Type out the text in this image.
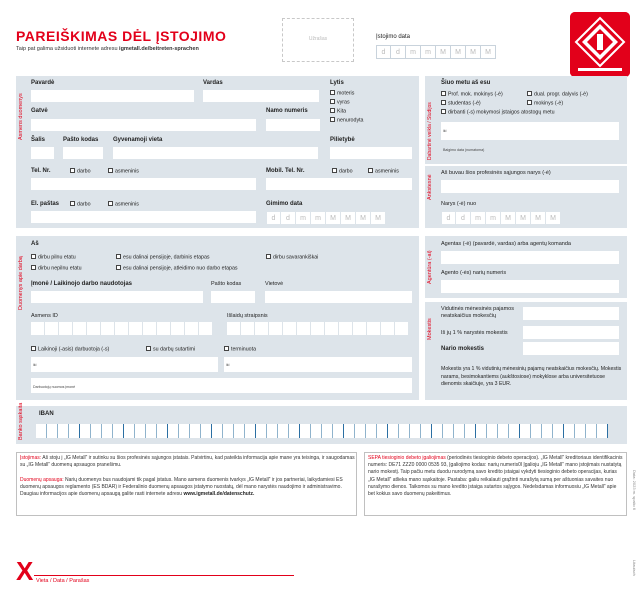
PAREIŠKIMAS DĖL ĮSTOJIMO
Taip pat galima užsiduoti internete adresu igmetall.de/beitreten-sprachen
Užrašas	Įstojimo data
d	d	m	m	M	M	M	M
Asmens duomenys
Pavardė	Vardas	Lytis
moteris
vyras
Kita
nenurodyta
Gatvė	Namo numeris
Šalis	Pašto kodas Gyvenamoji vieta	Pilietybė
Tel. Nr.	darbo	asmeninis	Mobil. Tel. Nr.	darbo	asmeninis
El. paštas	darbo	asmeninis	Gimimo data
d	d	m	m	M	M	M	M
Dabartinė veikla / Studijos
Šiuo metu aš esu
Prof. mok. mokinys (-ė)	dual. progr. dalyvis (-ė)
studentas (-ė)	mokinys (-ė)
dirbanti (-s) mokymosi įstaigos atostogų metu
iki
Baigimo data (numatoma)
Ankstesnė
Aš buvau šios profesinės sąjungos narys (-ė)
Narys (-ė) nuo
d	d	m	m	M	M	M	M
Duomenys apie darbą
Aš
dirbu pilnu etatu	esu dalinai pensijoje, darbinis etapas	dirbu savarankiškai
dirbu nepilnu etatu	esu dalinai pensijoje, atleidimo nuo darbo etapas
Įmonė / Laikinojo darbo naudotojas	Pašto kodas	Vietovė
Asmens ID	Išlaidų straipsnis
Laikinoji (-asis) darbuotoja (-s)	su darbų sutartimi	terminuota
iki	iki
Darbuotojų nuomos įmonė
Agentūra (-ai)
Agentas (-ė) (pavardė, vardas) arba agentų komanda
Agento (-ės) narių numeris
Mokestis
Vidutinės mėnesinės pajamos neatskaičius mokesčių
Iš jų 1 % narystės mokestis
Nario mokestis
Mokestis yra 1 % vidutinių mėnesinių pajamų neatskaičius mokesčių. Mokestis narams, besimokantiems (aukštosiose) mokyklose arba universitetuose dienomis skaičiuje, yra 3 EUR.
Banko sąskaita	IBAN
Įstojimas: Aš stoju į „IG Metall“ ir sutinku su šios profesinės sąjungos įstatais. Patvirtinu, kad pateikta informacija apie mane yra teisinga, ir saugodamas su „IG Metall“ duomenų apsaugos pranešimu.
Duomenų apsauga: Narių duomenys bus naudojami tik pagal įstatus. Mano asmens duomenis tvarkys „IG Metall“ ir jos partneriai, laikydamiesi ES duomenų apsaugos reglamento (ES BDAR) ir Federalinio duomenų apsaugos įstatymo nuostatų, dėl mano narystės naudojimo ir administravimo. Daugiau informacijos apie duomenų apsaugą galite rasti internete adresu www.igmetall.de/datenschutz.
SEPA tiesioginio debeto įgaliojimas (periodinės tiesioginio debeto operacijos). „IG Metall“ kreditoriaus identifikacinis numeris: DE71 ZZZ0 0000 0535 93, Įgaliojimo kodas: narių numeris0l Įgalioju „IG Metall“ mano įstojimais nustatytą nario mokestį. Taip pačiu metu duodu nurodymą savo kredito įstaigai vykdyti tiesioginio debeto operacijas, kurias „IG Metall“ atlieka mano sąskaitoje. Pastaba: galiu reikalauti grąžinti nurašytą sumą per aštuonias savaites nuo nurašymo dienos. Taikomos su mano kredito įstaiga sutartos sąlygos. Nedelsdamas informuosiu „IG Metall“ apie bet kokius savo duomenų pakeitimus.
X Vieta / Data / Parašas
Data: 2023 m. spalio 6
Litauisch
